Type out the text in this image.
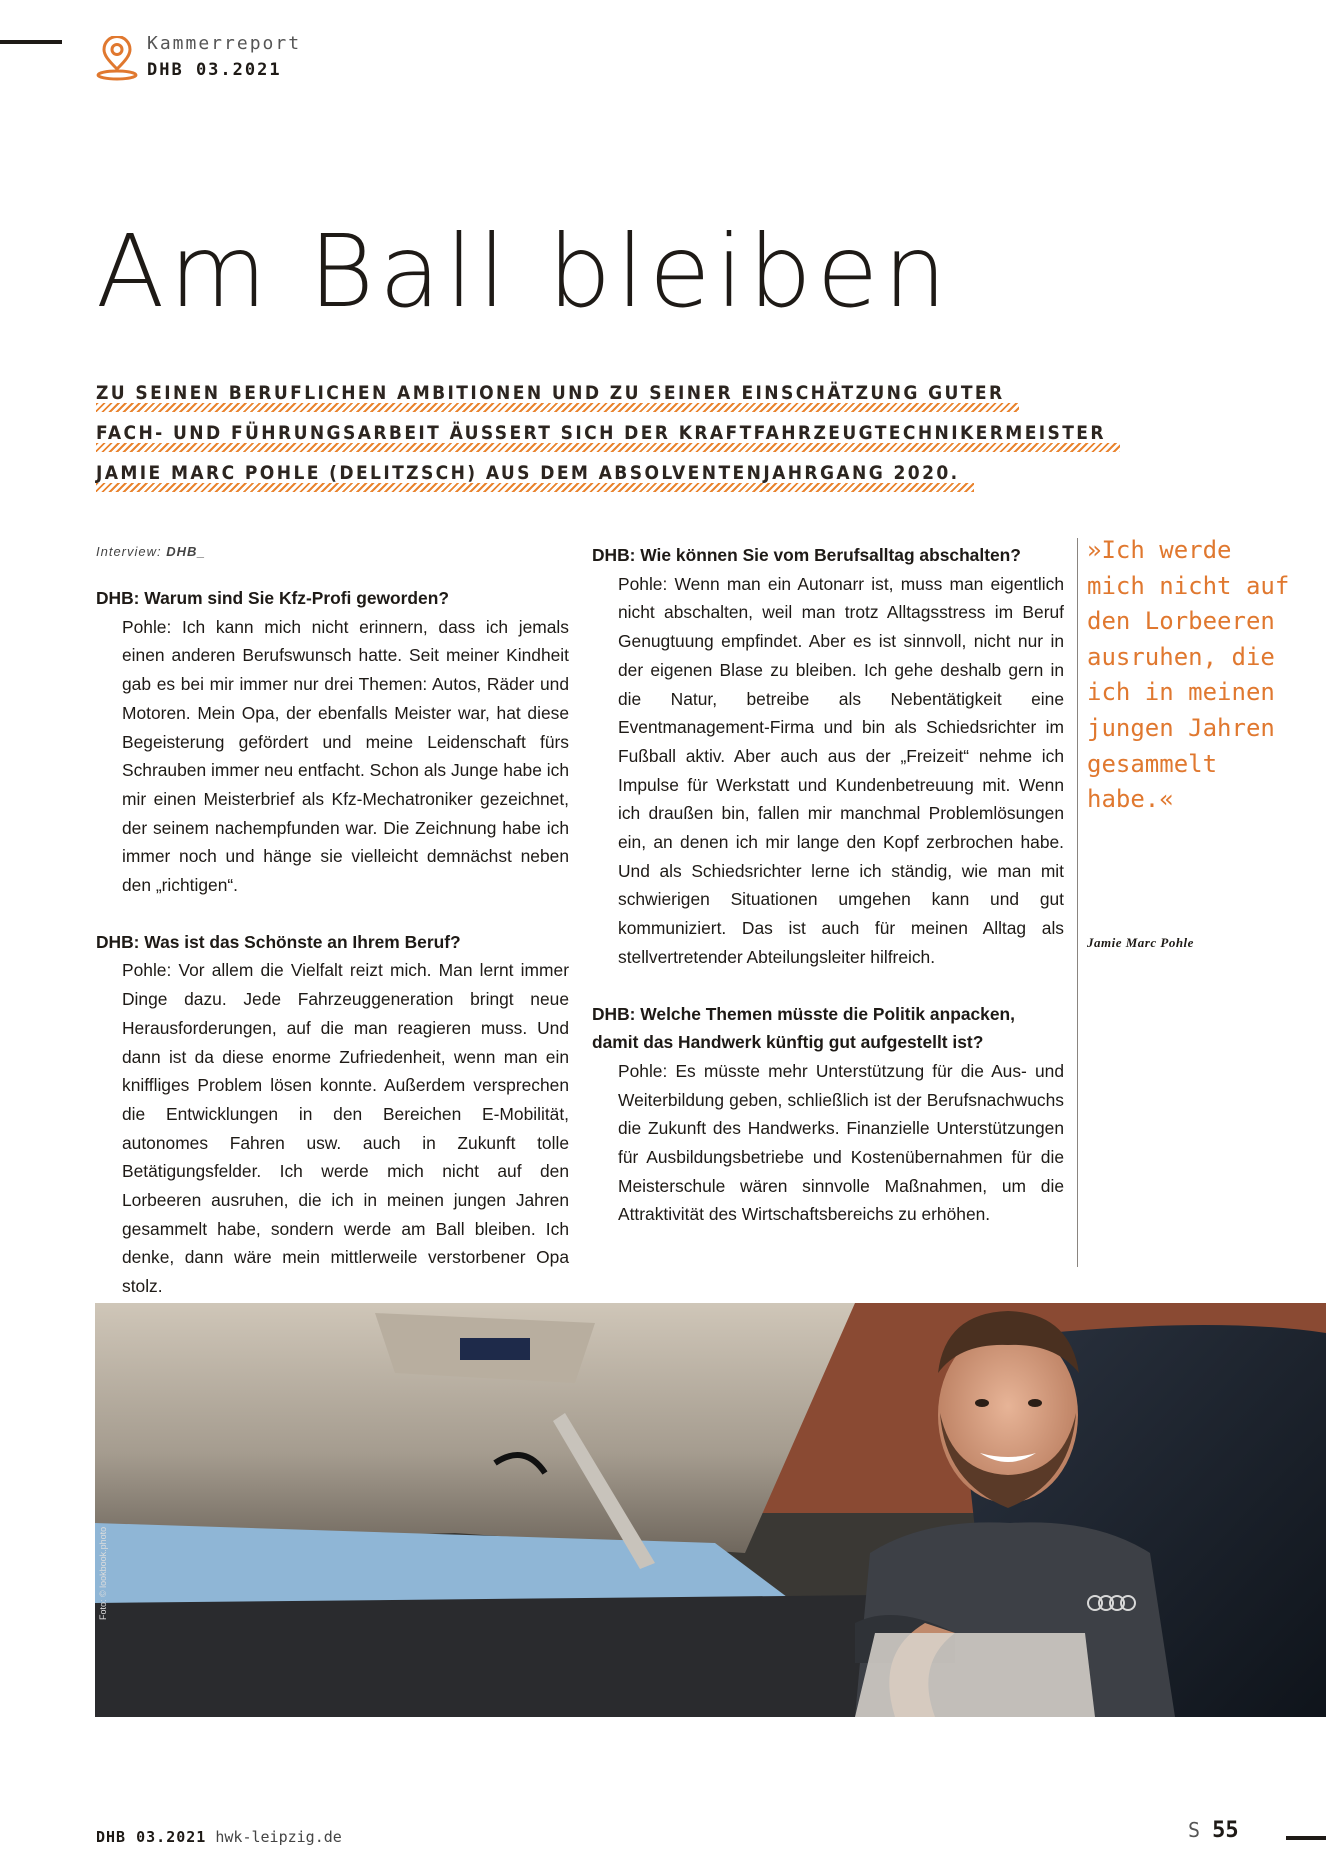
Kammerreport
DHB 03.2021
Am Ball bleiben
ZU SEINEN BERUFLICHEN AMBITIONEN UND ZU SEINER EINSCHÄTZUNG GUTER
FACH- UND FÜHRUNGSARBEIT ÄUSSERT SICH DER KRAFTFAHRZEUGTECHNIKERMEISTER
JAMIE MARC POHLE (DELITZSCH) AUS DEM ABSOLVENTENJAHRGANG 2020.

Interview: DHB_

DHB: Warum sind Sie Kfz-Profi geworden?

Pohle: Ich kann mich nicht erinnern, dass ich jemals einen anderen Berufswunsch hatte. Seit meiner Kindheit gab es bei mir immer nur drei Themen: Autos, Räder und Motoren. Mein Opa, der ebenfalls Meister war, hat diese Begeisterung gefördert und meine Leidenschaft fürs Schrauben immer neu entfacht. Schon als Junge habe ich mir einen Meisterbrief als Kfz-Mechatroniker gezeichnet, der seinem nachempfunden war. Die Zeichnung habe ich immer noch und hänge sie vielleicht demnächst neben den „richtigen“.

DHB: Was ist das Schönste an Ihrem Beruf?

Pohle: Vor allem die Vielfalt reizt mich. Man lernt immer Dinge dazu. Jede Fahrzeuggeneration bringt neue Herausforderungen, auf die man reagieren muss. Und dann ist da diese enorme Zufriedenheit, wenn man ein kniffliges Problem lösen konnte. Außerdem versprechen die Entwicklungen in den Bereichen E-Mobilität, autonomes Fahren usw. auch in Zukunft tolle Betätigungsfelder. Ich werde mich nicht auf den Lorbeeren ausruhen, die ich in meinen jungen Jahren gesammelt habe, sondern werde am Ball bleiben. Ich denke, dann wäre mein mittlerweile verstorbener Opa stolz.

DHB: Wie können Sie vom Berufsalltag abschalten?

Pohle: Wenn man ein Autonarr ist, muss man eigentlich nicht abschalten, weil man trotz Alltagsstress im Beruf Genugtuung empfindet. Aber es ist sinnvoll, nicht nur in der eigenen Blase zu bleiben. Ich gehe deshalb gern in die Natur, betreibe als Nebentätigkeit eine Eventmanagement-Firma und bin als Schiedsrichter im Fußball aktiv. Aber auch aus der „Freizeit“ nehme ich Impulse für Werkstatt und Kundenbetreuung mit. Wenn ich draußen bin, fallen mir manchmal Problemlösungen ein, an denen ich mir lange den Kopf zerbrochen habe. Und als Schiedsrichter lerne ich ständig, wie man mit schwierigen Situationen umgehen kann und gut kommuniziert. Das ist auch für meinen Alltag als stellvertretender Abteilungsleiter hilfreich.

DHB: Welche Themen müsste die Politik anpacken, damit das Handwerk künftig gut aufgestellt ist?

Pohle: Es müsste mehr Unterstützung für die Aus- und Weiterbildung geben, schließlich ist der Berufsnachwuchs die Zukunft des Handwerks. Finanzielle Unterstützungen für Ausbildungsbetriebe und Kostenübernahmen für die Meisterschule wären sinnvolle Maßnahmen, um die Attraktivität des Wirtschaftsbereichs zu erhöhen.

»Ich werde mich nicht auf den Lorbeeren ausruhen, die ich in meinen jungen Jahren gesammelt habe.«
Jamie Marc Pohle
DHB 03.2021 hwk-leipzig.de	S 55
